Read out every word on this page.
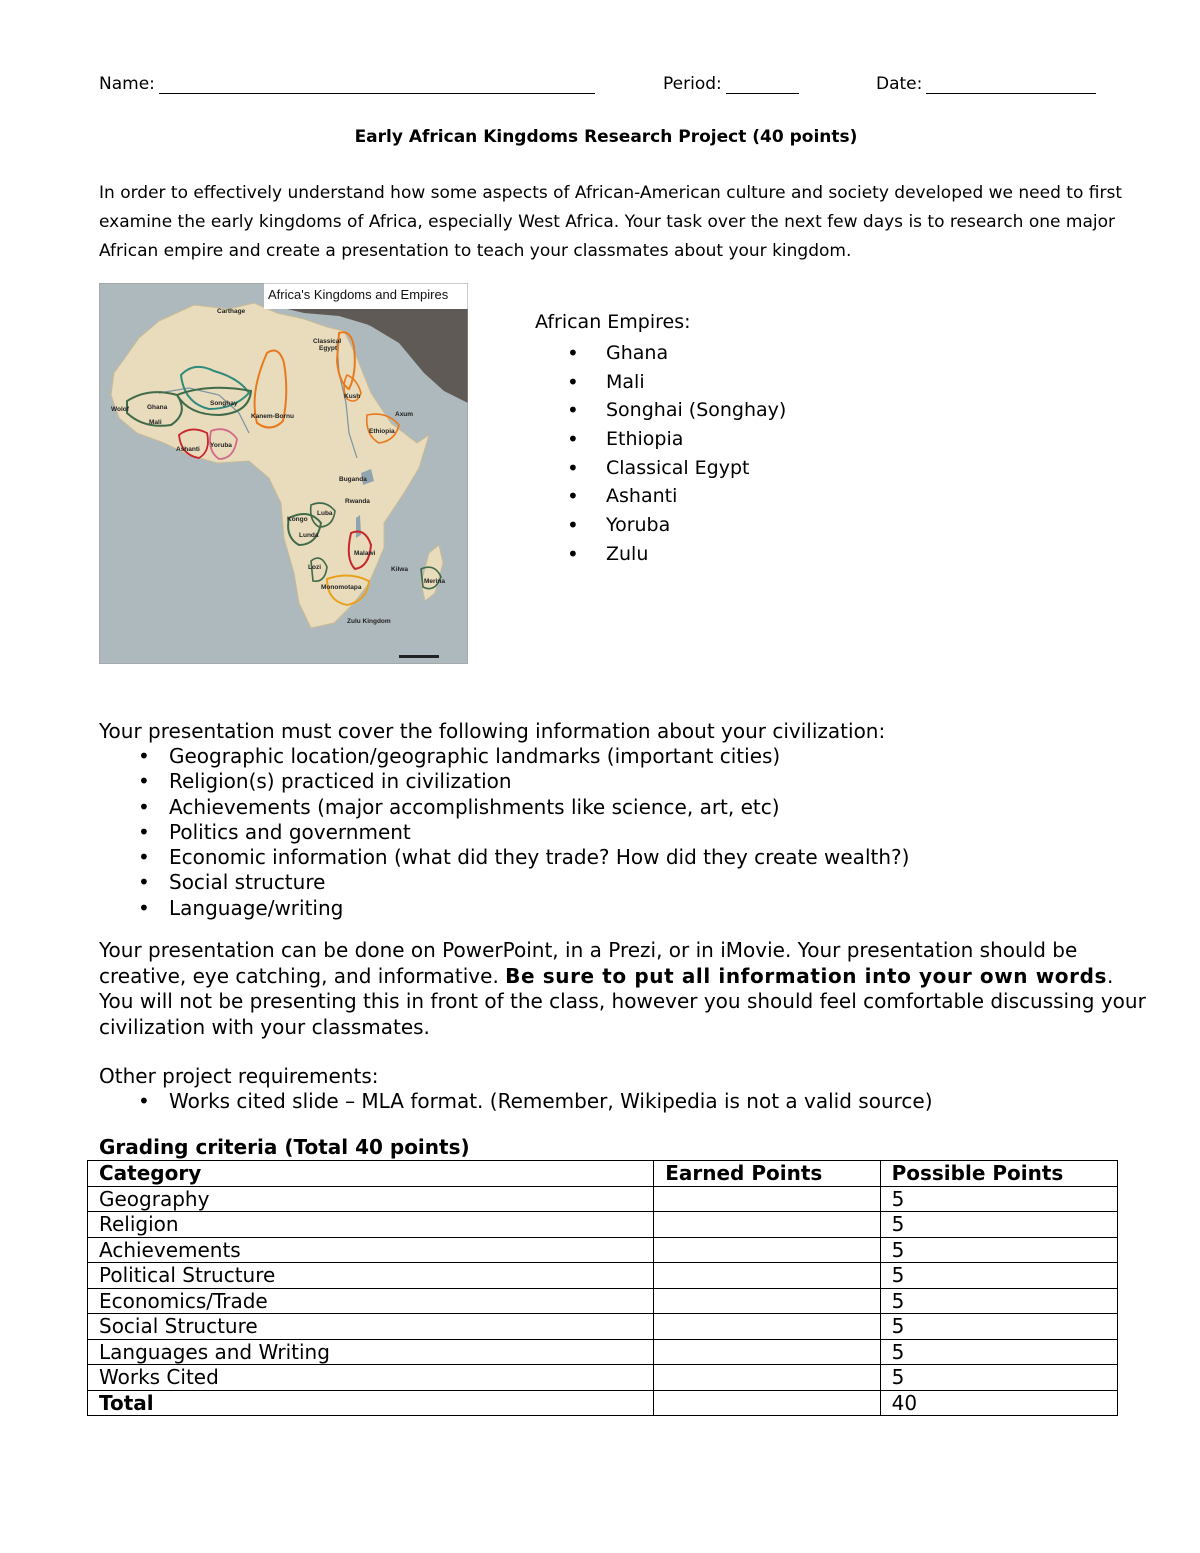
Name:	Period:	Date:
Early African Kingdoms Research Project (40 points)

In order to effectively understand how some aspects of African-American culture and society developed we need to first examine the early kingdoms of Africa, especially West Africa. Your task over the next few days is to research one major African empire and create a presentation to teach your classmates about your kingdom.

Carthage
Classical
Egypt
Kush
Axum
Ethiopia
Wolof	Ghana
Mali
Songhay
Kanem-Bornu
Ashanti
Yoruba
Buganda
Rwanda
Kongo
Luba
Lunda
Malawi
Lozi	Kilwa
Merina
Monomotapa
Zulu Kingdom
Africa's Kingdoms and Empires
African Empires:
• Ghana
• Mali
• Songhai (Songhay)
• Ethiopia
• Classical Egypt
• Ashanti
• Yoruba
• Zulu

Your presentation must cover the following information about your civilization:

• Geographic location/geographic landmarks (important cities)
• Religion(s) practiced in civilization
• Achievements (major accomplishments like science, art, etc)
• Politics and government
• Economic information (what did they trade? How did they create wealth?)
• Social structure
• Language/writing

Your presentation can be done on PowerPoint, in a Prezi, or in iMovie. Your presentation should be creative, eye catching, and informative. Be sure to put all information into your own words. You will not be presenting this in front of the class, however you should feel comfortable discussing your civilization with your classmates.

Other project requirements:

• Works cited slide – MLA format. (Remember, Wikipedia is not a valid source)
Grading criteria (Total 40 points)
Category	Earned Points	Possible Points
Geography		5
Religion		5
Achievements		5
Political Structure		5
Economics/Trade		5
Social Structure		5
Languages and Writing		5
Works Cited		5
Total		40
